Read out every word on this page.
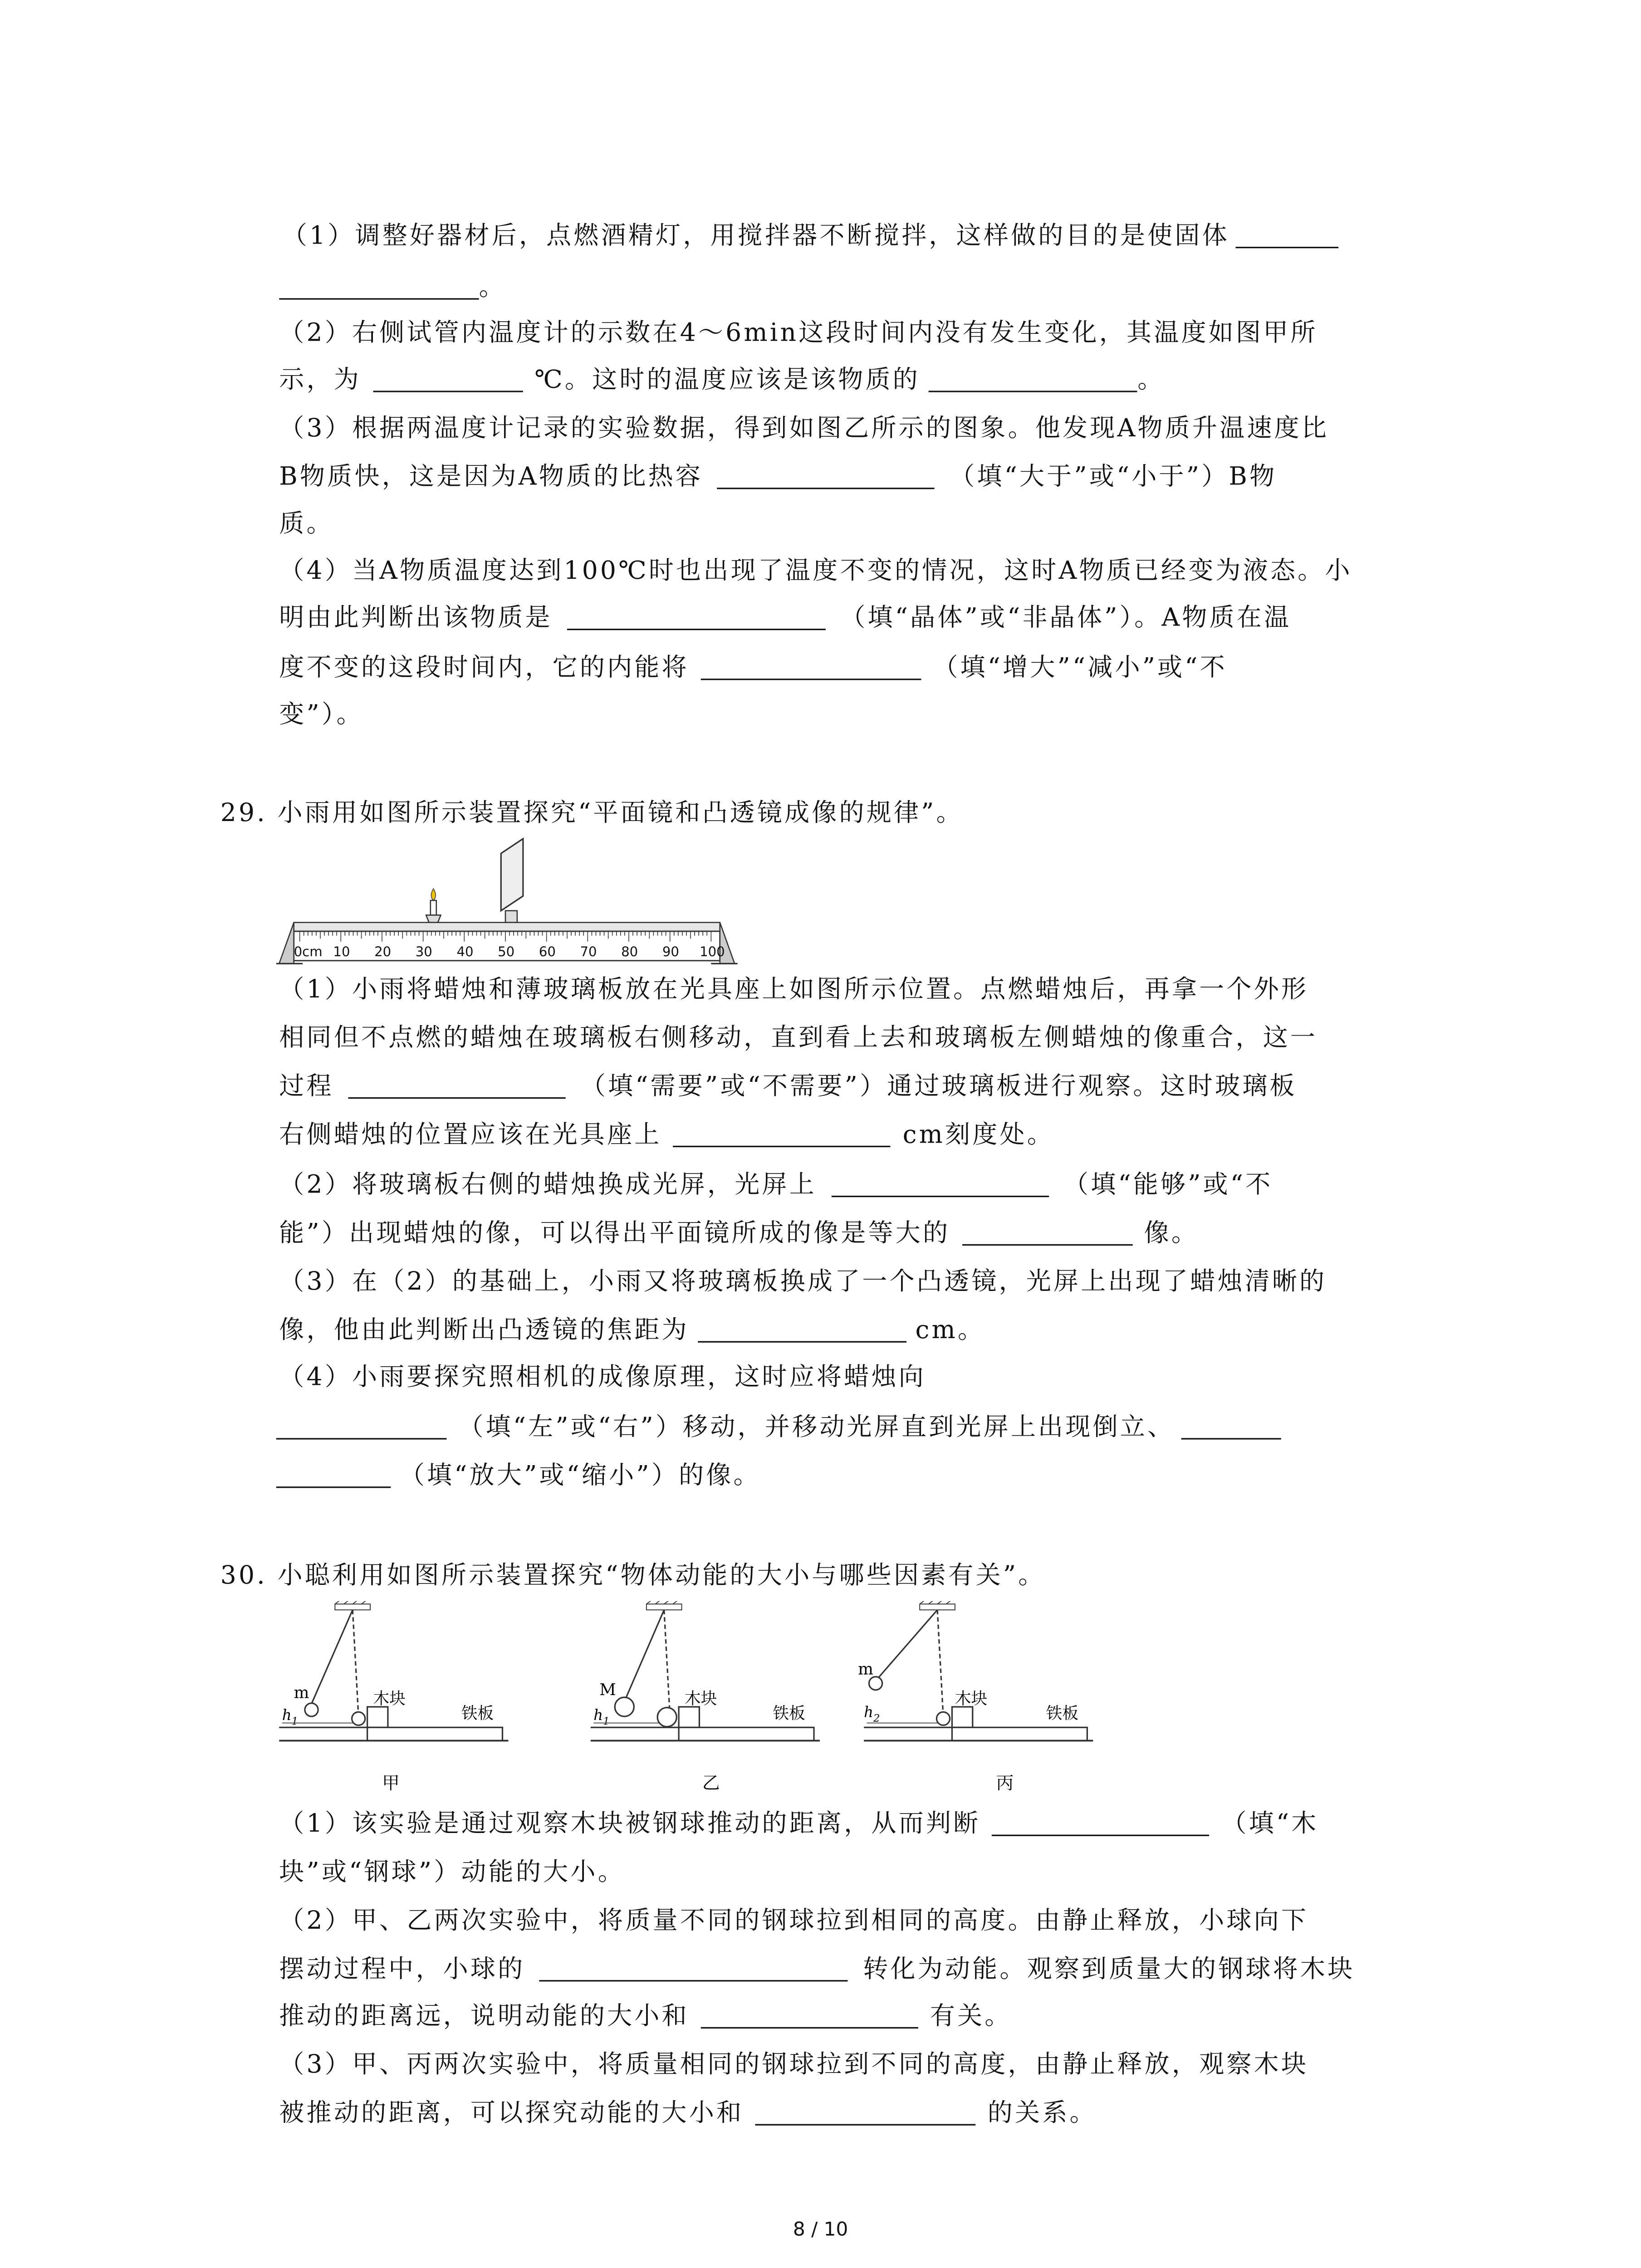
（1）调整好器材后，点燃酒精灯，用搅拌器不断搅拌，这样做的目的是使固体
。
（2）右侧试管内温度计的示数在4～6min这段时间内没有发生变化，其温度如图甲所
示，为	℃。这时的温度应该是该物质的	。
（3）根据两温度计记录的实验数据，得到如图乙所示的图象。他发现A物质升温速度比
B物质快，这是因为A物质的比热容	（填“大于”或“小于”）B物
质。
（4）当A物质温度达到100℃时也出现了温度不变的情况，这时A物质已经变为液态。小
明由此判断出该物质是	（填“晶体”或“非晶体”）。A物质在温
度不变的这段时间内，它的内能将	（填“增大”“减小”或“不
变”）。
29. 小雨用如图所示装置探究“平面镜和凸透镜成像的规律”。
0cm	10	20	30	40	50	60	70	80	90	100
（1）小雨将蜡烛和薄玻璃板放在光具座上如图所示位置。点燃蜡烛后，再拿一个外形
相同但不点燃的蜡烛在玻璃板右侧移动，直到看上去和玻璃板左侧蜡烛的像重合，这一
过程	（填“需要”或“不需要”）通过玻璃板进行观察。这时玻璃板
右侧蜡烛的位置应该在光具座上	cm刻度处。
（2）将玻璃板右侧的蜡烛换成光屏，光屏上	（填“能够”或“不
能”）出现蜡烛的像，可以得出平面镜所成的像是等大的	像。
（3）在（2）的基础上，小雨又将玻璃板换成了一个凸透镜，光屏上出现了蜡烛清晰的
像，他由此判断出凸透镜的焦距为	cm。
（4）小雨要探究照相机的成像原理，这时应将蜡烛向
（填“左”或“右”）移动，并移动光屏直到光屏上出现倒立、
（填“放大”或“缩小”）的像。
30. 小聪利用如图所示装置探究“物体动能的大小与哪些因素有关”。
m
$h_1$
木块
铁板
甲
M
$h_1$
木块
铁板
乙
m
$h_2$
木块
铁板
丙
（1）该实验是通过观察木块被钢球推动的距离，从而判断	（填“木
块”或“钢球”）动能的大小。
（2）甲、乙两次实验中，将质量不同的钢球拉到相同的高度。由静止释放，小球向下
摆动过程中，小球的	转化为动能。观察到质量大的钢球将木块
推动的距离远，说明动能的大小和	有关。
（3）甲、丙两次实验中，将质量相同的钢球拉到不同的高度，由静止释放，观察木块
被推动的距离，可以探究动能的大小和	的关系。
8 / 10
